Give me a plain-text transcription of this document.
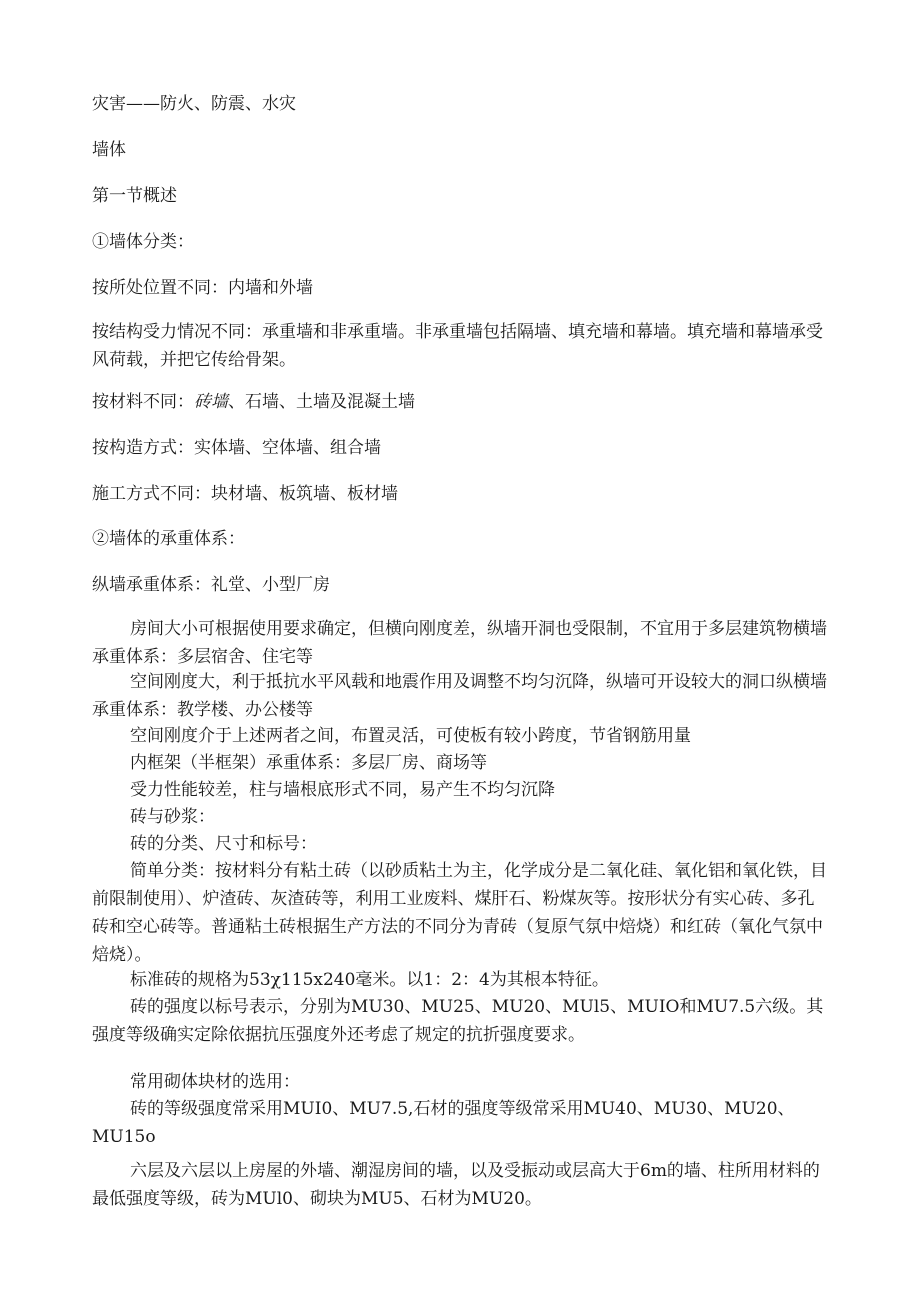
灾害——防火、防震、水灾

墙体

第一节概述

①墙体分类：

按所处位置不同：内墙和外墙

按结构受力情况不同：承重墙和非承重墙。非承重墙包括隔墙、填充墙和幕墙。填充墙和幕墙承受风荷载，并把它传给骨架。

按材料不同：砖墙、石墙、土墙及混凝土墙

按构造方式：实体墙、空体墙、组合墙

施工方式不同：块材墙、板筑墙、板材墙

②墙体的承重体系：

纵墙承重体系：礼堂、小型厂房

房间大小可根据使用要求确定，但横向刚度差，纵墙开洞也受限制，不宜用于多层建筑物横墙承重体系：多层宿舍、住宅等

空间刚度大，利于抵抗水平风载和地震作用及调整不均匀沉降，纵墙可开设较大的洞口纵横墙承重体系：教学楼、办公楼等

空间刚度介于上述两者之间，布置灵活，可使板有较小跨度，节省钢筋用量

内框架（半框架）承重体系：多层厂房、商场等

受力性能较差，柱与墙根底形式不同，易产生不均匀沉降

砖与砂浆：

砖的分类、尺寸和标号：

简单分类：按材料分有粘土砖（以砂质粘土为主，化学成分是二氧化硅、氧化铝和氧化铁，目前限制使用）、炉渣砖、灰渣砖等，利用工业废料、煤肝石、粉煤灰等。按形状分有实心砖、多孔砖和空心砖等。普通粘土砖根据生产方法的不同分为青砖（复原气氛中焙烧）和红砖（氧化气氛中焙烧）。

标准砖的规格为53χ115x240毫米。以1：2：4为其根本特征。

砖的强度以标号表示，分别为MU30、MU25、MU20、MUl5、MUIO和MU7.5六级。其强度等级确实定除依据抗压强度外还考虑了规定的抗折强度要求。

常用砌体块材的选用：

砖的等级强度常采用MUI0、MU7.5,石材的强度等级常采用MU40、MU30、MU20、MU15o

六层及六层以上房屋的外墙、潮湿房间的墙，以及受振动或层高大于6m的墙、柱所用材料的最低强度等级，砖为MUl0、砌块为MU5、石材为MU20。
